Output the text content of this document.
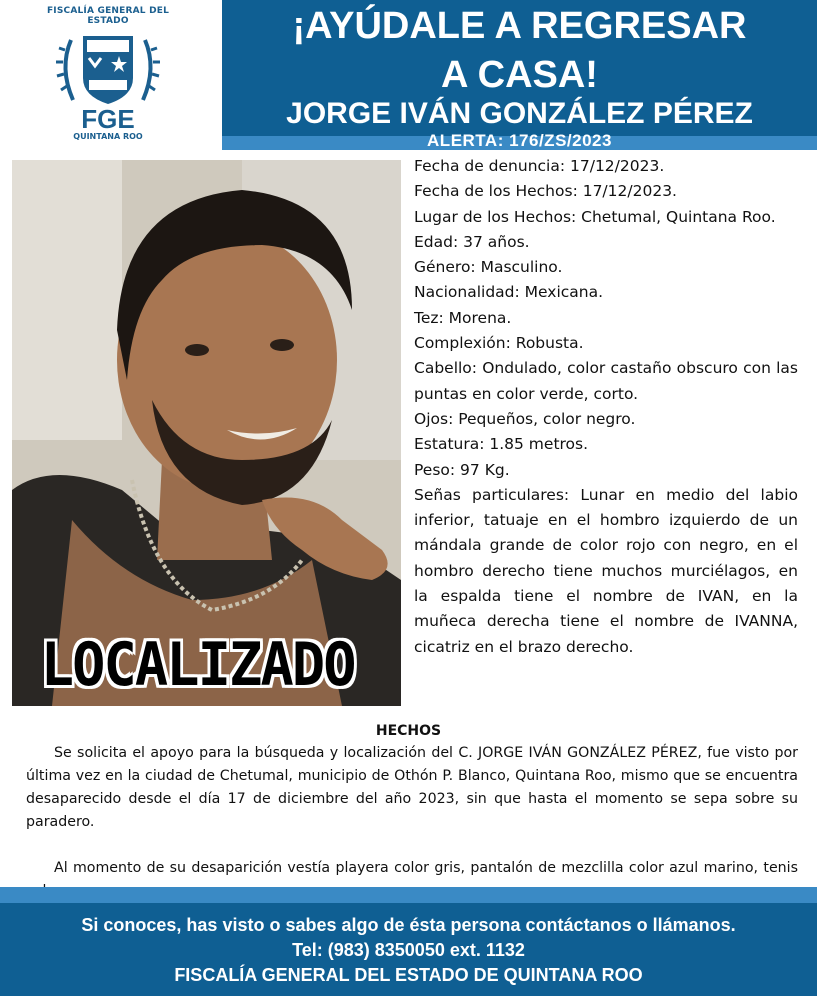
FISCALÍA GENERAL DEL ESTADO
FGE
QUINTANA ROO
¡AYÚDALE A REGRESAR
A CASA!
JORGE IVÁN GONZÁLEZ PÉREZ
ALERTA: 176/ZS/2023
LOCALIZADO

Fecha de denuncia: 17/12/2023.

Fecha de los Hechos: 17/12/2023.

Lugar de los Hechos: Chetumal, Quintana Roo.

Edad: 37 años.

Género: Masculino.

Nacionalidad: Mexicana.

Tez: Morena.

Complexión: Robusta.

Cabello: Ondulado, color castaño obscuro con las puntas en color verde, corto.

Ojos: Pequeños, color negro.

Estatura: 1.85 metros.

Peso: 97 Kg.

Señas particulares: Lunar en medio del labio inferior, tatuaje en el hombro izquierdo de un mándala grande de color rojo con negro, en el hombro derecho tiene muchos murciélagos, en la espalda tiene el nombre de IVAN, en la muñeca derecha tiene el nombre de IVANNA, cicatriz en el brazo derecho.

HECHOS

Se solicita el apoyo para la búsqueda y localización del C. JORGE IVÁN GONZÁLEZ PÉREZ, fue visto por última vez en la ciudad de Chetumal, municipio de Othón P. Blanco, Quintana Roo, mismo que se encuentra desaparecido desde el día 17 de diciembre del año 2023, sin que hasta el momento se sepa sobre su paradero.

Al momento de su desaparición vestía playera color gris, pantalón de mezclilla color azul marino, tenis

Si conoces, has visto o sabes algo de ésta persona contáctanos o llámanos.
Tel: (983) 8350050 ext. 1132
FISCALÍA GENERAL DEL ESTADO DE QUINTANA ROO
